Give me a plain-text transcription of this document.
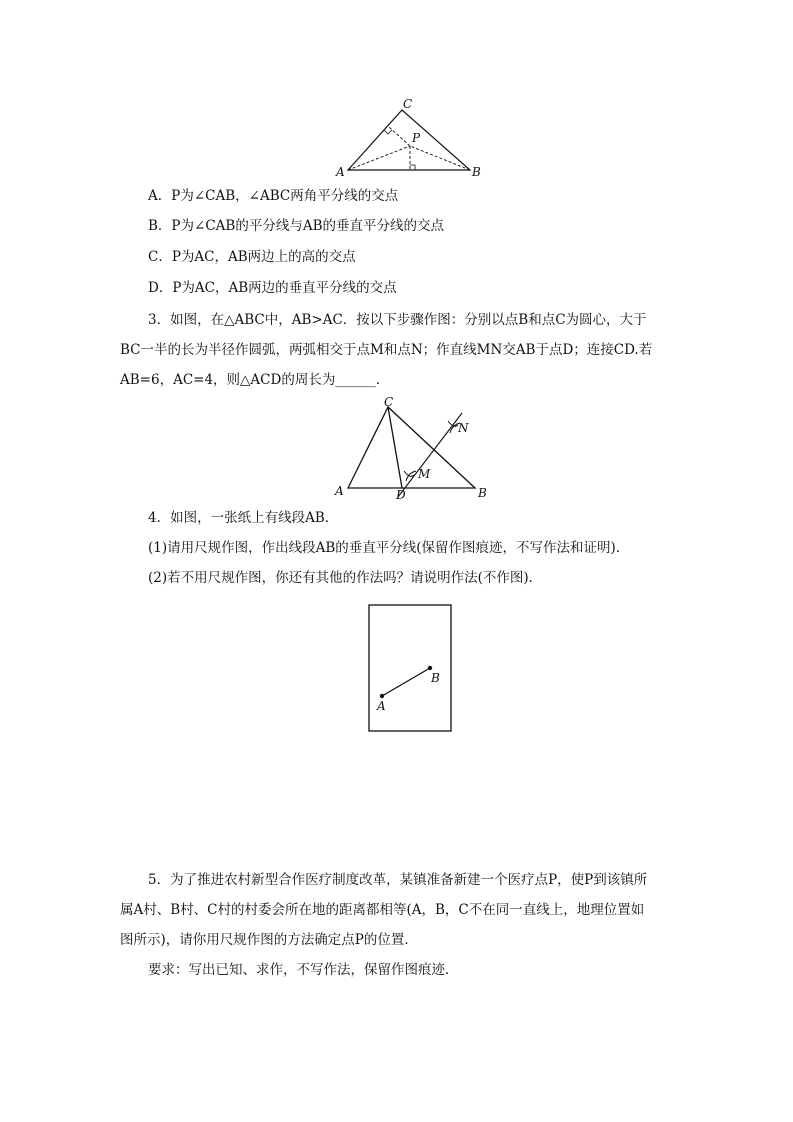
A	B
C
P
A．P为∠CAB，∠ABC两角平分线的交点
B．P为∠CAB的平分线与AB的垂直平分线的交点
C．P为AC，AB两边上的高的交点
D．P为AC，AB两边的垂直平分线的交点
3．如图，在△ABC中，AB>AC．按以下步骤作图：分别以点B和点C为圆心，大于
BC一半的长为半径作圆弧，两弧相交于点M和点N；作直线MN交AB于点D；连接CD.若
AB=6，AC=4，则△ACD的周长为______．
A	B
C
D
M
N
4．如图，一张纸上有线段AB．
(1)请用尺规作图，作出线段AB的垂直平分线(保留作图痕迹，不写作法和证明)．
(2)若不用尺规作图，你还有其他的作法吗？请说明作法(不作图)．
A
B
5．为了推进农村新型合作医疗制度改革，某镇准备新建一个医疗点P，使P到该镇所
属A村、B村、C村的村委会所在地的距离都相等(A，B，C不在同一直线上，地理位置如
图所示)，请你用尺规作图的方法确定点P的位置．
要求：写出已知、求作，不写作法，保留作图痕迹．
